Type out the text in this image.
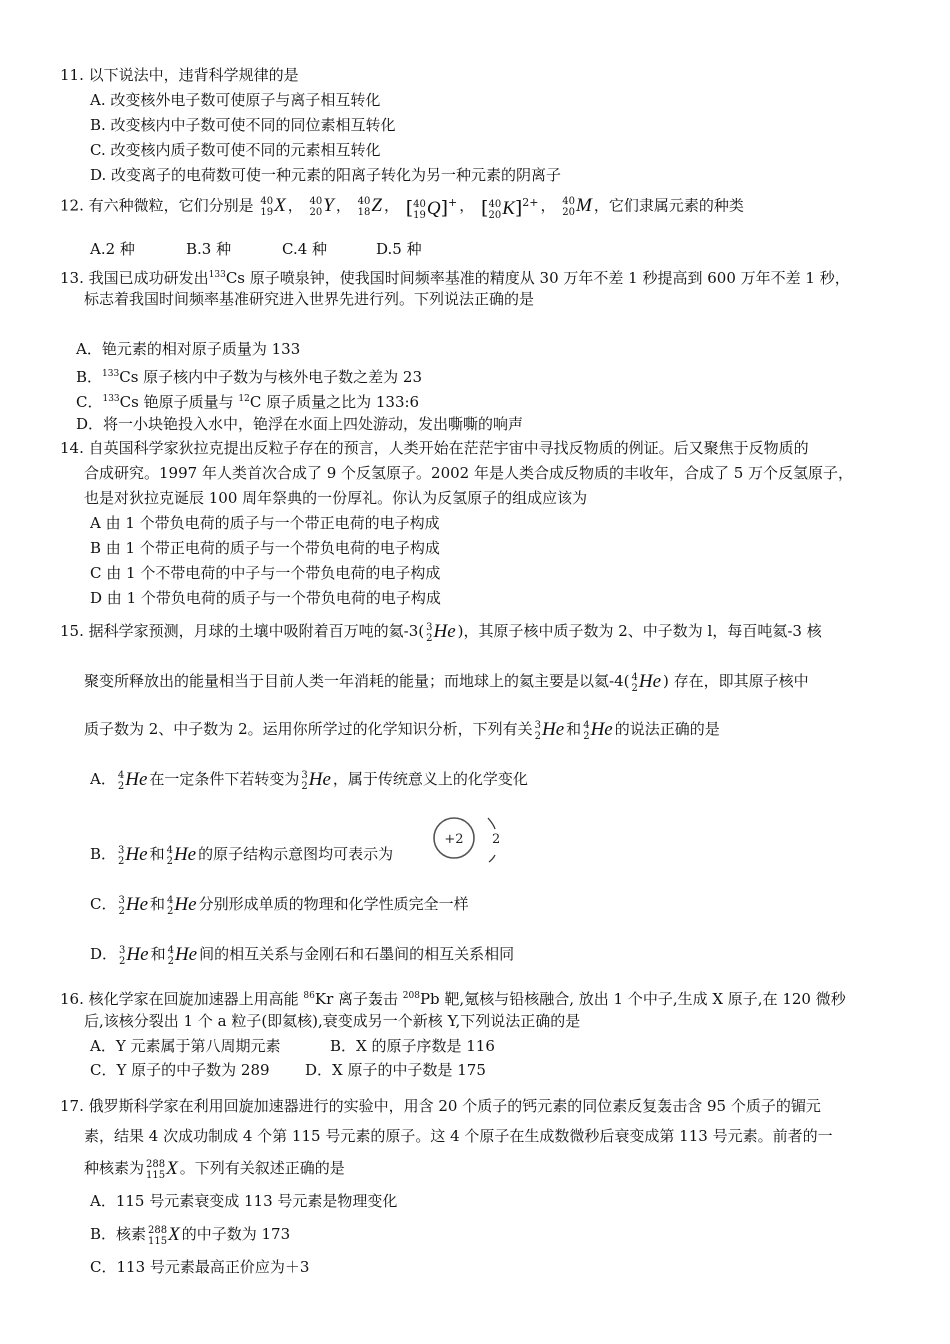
11. 以下说法中，违背科学规律的是
A. 改变核外电子数可使原子与离子相互转化
B. 改变核内中子数可使不同的同位素相互转化
C. 改变核内质子数可使不同的元素相互转化
D. 改变离子的电荷数可使一种元素的阳离子转化为另一种元素的阴离子
12. 有六种微粒，它们分别是 40
19 X ， 40
20 Y ， 40
18 Z ， [ 40
19 Q]+ ， [ 40
20 K]$^{2+}$ ， 40
20 M ，它们隶属元素的种类
A.2 种	B.3 种	C.4 种	D.5 种
13. 我国已成功研发出$^{133}$Cs 原子喷泉钟，使我国时间频率基准的精度从 30 万年不差 1 秒提高到 600 万年不差 1 秒，
标志着我国时间频率基准研究进入世界先进行列。下列说法正确的是
A．铯元素的相对原子质量为 133
B．$^{133}$Cs 原子核内中子数为与核外电子数之差为 23
C．$^{133}$Cs 铯原子质量与 $^{12}$C 原子质量之比为 133:6
D．将一小块铯投入水中，铯浮在水面上四处游动，发出嘶嘶的响声
14. 自英国科学家狄拉克提出反粒子存在的预言，人类开始在茫茫宇宙中寻找反物质的例证。后又聚焦于反物质的
合成研究。1997 年人类首次合成了 9 个反氢原子。2002 年是人类合成反物质的丰收年，合成了 5 万个反氢原子，
也是对狄拉克诞辰 100 周年祭典的一份厚礼。你认为反氢原子的组成应该为
A 由 1 个带负电荷的质子与一个带正电荷的电子构成
B 由 1 个带正电荷的质子与一个带负电荷的电子构成
C 由 1 个不带电荷的中子与一个带负电荷的电子构成
D 由 1 个带负电荷的质子与一个带负电荷的电子构成
15. 据科学家预测，月球的土壤中吸附着百万吨的氦-3( 3
2 He )，其原子核中质子数为 2、中子数为 l，每百吨氦-3 核
聚变所释放出的能量相当于目前人类一年消耗的能量；而地球上的氦主要是以氦-4( 4
2 He ) 存在，即其原子核中
质子数为 2、中子数为 2。运用你所学过的化学知识分析，下列有关 3
2 He 和 4
2 He 的说法正确的是
A． 4
2 He 在一定条件下若转变为 3
2 He ，属于传统意义上的化学变化
B． 3
2 He 和 4
2 He 的原子结构示意图均可表示为
+2 2
C． 3
2 He 和 4
2 He 分别形成单质的物理和化学性质完全一样
D． 3
2 He 和 4
2 He 间的相互关系与金刚石和石墨间的相互关系相同
16. 核化学家在回旋加速器上用高能 $^{86}$Kr 离子轰击 $^{208}$Pb 靶,氪核与铅核融合, 放出 1 个中子,生成 X 原子,在 120 微秒
后,该核分裂出 1 个 a 粒子(即氦核),衰变成另一个新核 Y,下列说法正确的是
A．Y 元素属于第八周期元素	B．X 的原子序数是 116
C．Y 原子的中子数为 289 D．X 原子的中子数是 175
17. 俄罗斯科学家在利用回旋加速器进行的实验中，用含 20 个质子的钙元素的同位素反复轰击含 95 个质子的镅元
素，结果 4 次成功制成 4 个第 115 号元素的原子。这 4 个原子在生成数微秒后衰变成第 113 号元素。前者的一
种核素为 288
115 X 。下列有关叙述正确的是
A．115 号元素衰变成 113 号元素是物理变化
B．核素 288
115 X 的中子数为 173
C．113 号元素最高正价应为＋3
